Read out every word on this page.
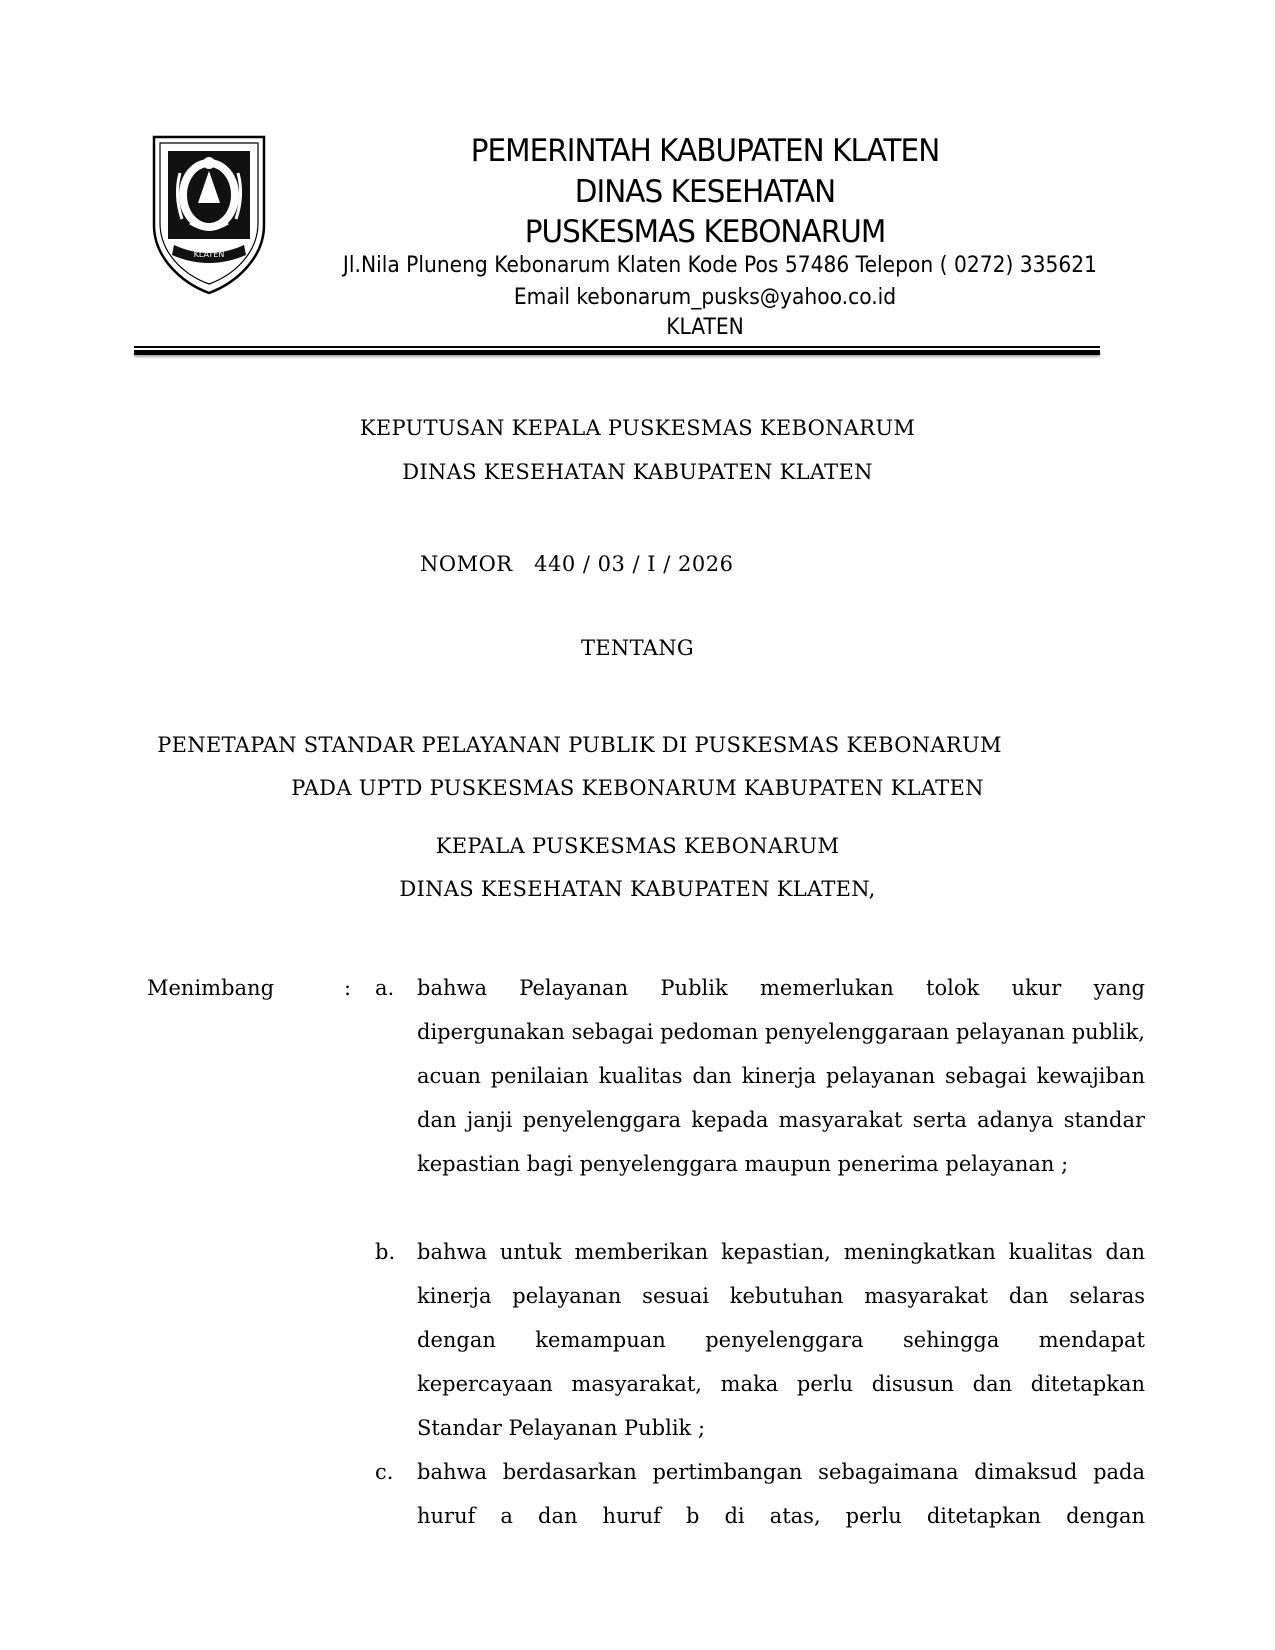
KLATEN
PEMERINTAH KABUPATEN KLATEN
DINAS KESEHATAN
PUSKESMAS KEBONARUM
Jl.Nila Pluneng Kebonarum Klaten Kode Pos 57486 Telepon ( 0272) 335621
Email kebonarum_pusks@yahoo.co.id
KLATEN
KEPUTUSAN KEPALA PUSKESMAS KEBONARUM
DINAS KESEHATAN KABUPATEN KLATEN
NOMOR   440 / 03 / I / 2026
TENTANG
PENETAPAN STANDAR PELAYANAN PUBLIK DI PUSKESMAS KEBONARUM
PADA UPTD PUSKESMAS KEBONARUM KABUPATEN KLATEN
KEPALA PUSKESMAS KEBONARUM
DINAS KESEHATAN KABUPATEN KLATEN,
Menimbang	: a. bahwa Pelayanan Publik memerlukan tolok ukur yang dipergunakan sebagai pedoman penyelenggaraan pelayanan publik, acuan penilaian kualitas dan kinerja pelayanan sebagai kewajiban dan janji penyelenggara kepada masyarakat serta adanya standar kepastian bagi penyelenggara maupun penerima pelayanan ;
b. bahwa untuk memberikan kepastian, meningkatkan kualitas dan kinerja pelayanan sesuai kebutuhan masyarakat dan selaras dengan kemampuan penyelenggara sehingga mendapat kepercayaan masyarakat, maka perlu disusun dan ditetapkan Standar Pelayanan Publik ;
c. bahwa berdasarkan pertimbangan sebagaimana dimaksud pada huruf a dan huruf b di atas, perlu ditetapkan dengan
